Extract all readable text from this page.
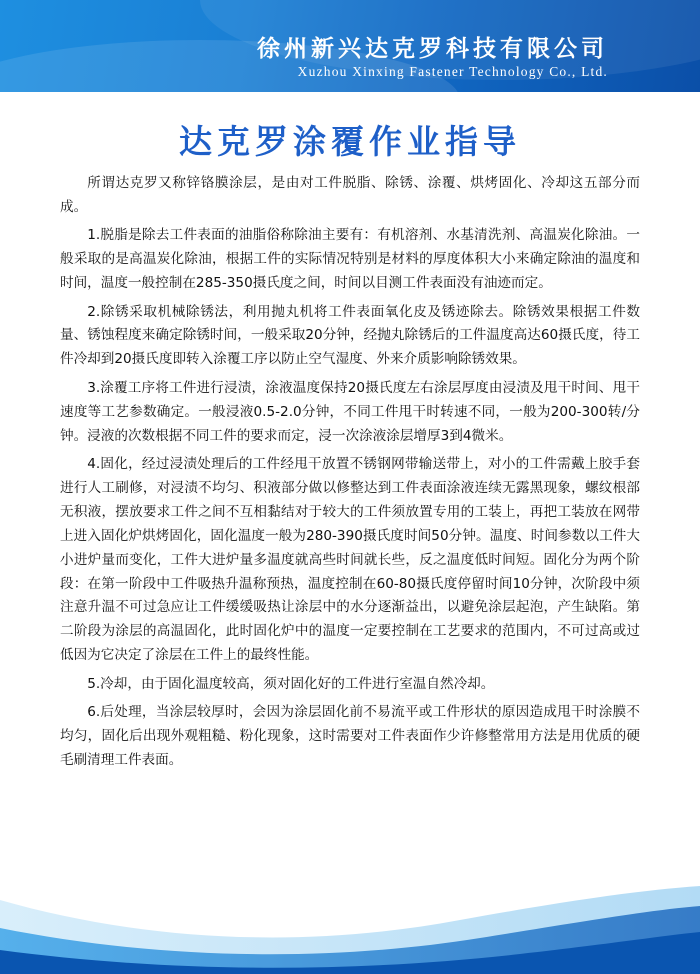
徐州新兴达克罗科技有限公司
Xuzhou Xinxing Fastener Technology Co., Ltd.
达克罗涂覆作业指导

所谓达克罗又称锌铬膜涂层，是由对工件脱脂、除锈、涂覆、烘烤固化、冷却这五部分而成。

1.脱脂是除去工件表面的油脂俗称除油主要有：有机溶剂、水基清洗剂、高温炭化除油。一般采取的是高温炭化除油，根据工件的实际情况特别是材料的厚度体积大小来确定除油的温度和时间，温度一般控制在285-350摄氏度之间，时间以目测工件表面没有油迹而定。

2.除锈采取机械除锈法，利用抛丸机将工件表面氧化皮及锈迹除去。除锈效果根据工件数量、锈蚀程度来确定除锈时间，一般采取20分钟，经抛丸除锈后的工件温度高达60摄氏度，待工件冷却到20摄氏度即转入涂覆工序以防止空气湿度、外来介质影响除锈效果。

3.涂覆工序将工件进行浸渍，涂液温度保持20摄氏度左右涂层厚度由浸渍及甩干时间、甩干速度等工艺参数确定。一般浸液0.5-2.0分钟，不同工件甩干时转速不同，一般为200-300转/分钟。浸液的次数根据不同工件的要求而定，浸一次涂液涂层增厚3到4微米。

4.固化，经过浸渍处理后的工件经甩干放置不锈钢网带输送带上，对小的工件需戴上胶手套进行人工刷修，对浸渍不均匀、积液部分做以修整达到工件表面涂液连续无露黑现象，螺纹根部无积液，摆放要求工件之间不互相黏结对于较大的工件须放置专用的工装上，再把工装放在网带上进入固化炉烘烤固化，固化温度一般为280-390摄氏度时间50分钟。温度、时间参数以工件大小进炉量而变化，工件大进炉量多温度就高些时间就长些，反之温度低时间短。固化分为两个阶段：在第一阶段中工件吸热升温称预热，温度控制在60-80摄氏度停留时间10分钟，次阶段中须注意升温不可过急应让工件缓缓吸热让涂层中的水分逐渐益出，以避免涂层起泡，产生缺陷。第二阶段为涂层的高温固化，此时固化炉中的温度一定要控制在工艺要求的范围内，不可过高或过低因为它决定了涂层在工件上的最终性能。

5.冷却，由于固化温度较高，须对固化好的工件进行室温自然冷却。

6.后处理，当涂层较厚时，会因为涂层固化前不易流平或工件形状的原因造成甩干时涂膜不均匀，固化后出现外观粗糙、粉化现象，这时需要对工件表面作少许修整常用方法是用优质的硬毛刷清理工件表面。
